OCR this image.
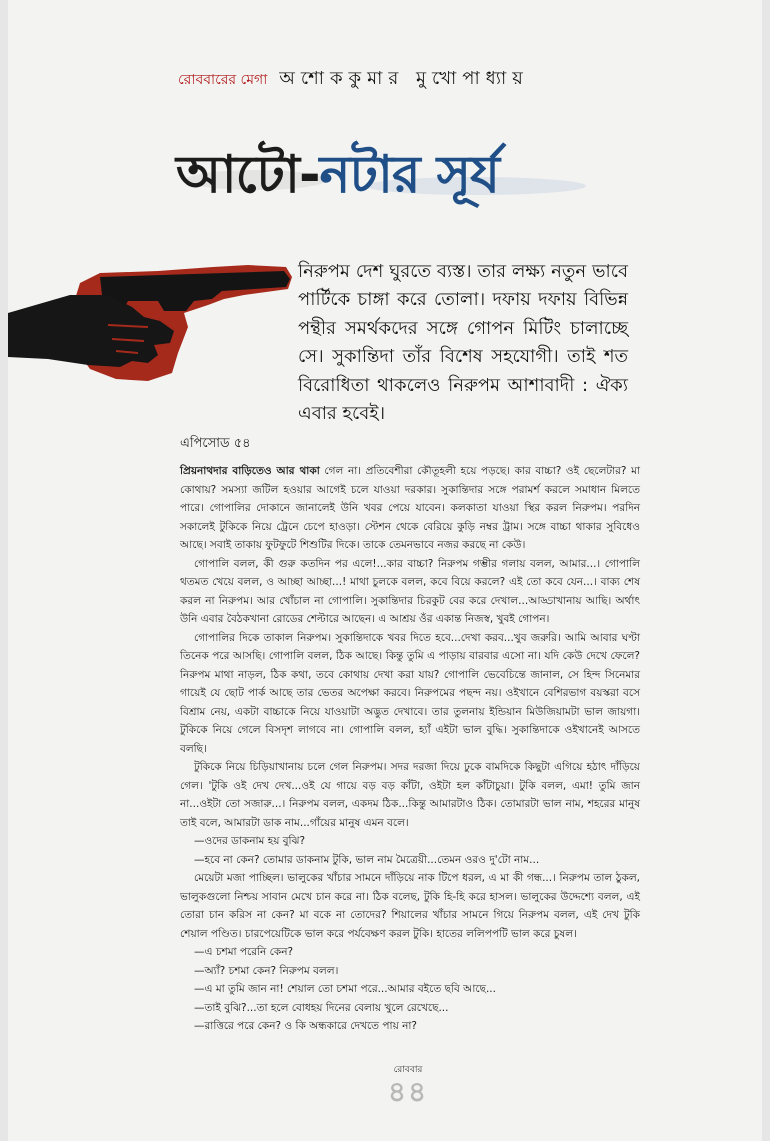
রোববারের মেগা অশোককুমার মুখোপাধ্যায়
আটো-নটার সূর্য
নিরুপম দেশ ঘুরতে ব্যস্ত। তার লক্ষ্য নতুন ভাবে পার্টিকে চাঙ্গা করে তোলা। দফায় দফায় বিভিন্ন পন্থীর সমর্থকদের সঙ্গে গোপন মিটিং চালাচ্ছে সে। সুকান্তিদা তাঁর বিশেষ সহযোগী। তাই শত বিরোধিতা থাকলেও নিরুপম আশাবাদী : ঐক্য এবার হবেই।
এপিসোড ৫৪

প্রিয়নাথদার বাড়িতেও আর থাকা গেল না। প্রতিবেশীরা কৌতূহলী হয়ে পড়ছে। কার বাচ্চা? ওই ছেলেটার? মা কোথায়? সমস্যা জটিল হওয়ার আগেই চলে যাওয়া দরকার। সুকান্তিদার সঙ্গে পরামর্শ করলে সমাধান মিলতে পারে। গোপালির দোকানে জানালেই উনি খবর পেয়ে যাবেন। কলকাতা যাওয়া স্থির করল নিরুপম। পরদিন সকালেই টুকিকে নিয়ে ট্রেনে চেপে হাওড়া। স্টেশন থেকে বেরিয়ে কুড়ি নম্বর ট্রাম। সঙ্গে বাচ্চা থাকার সুবিধেও আছে। সবাই তাকায় ফুটফুটে শিশুটির দিকে। তাকে তেমনভাবে নজর করছে না কেউ।

গোপালি বলল, কী গুরু কতদিন পর এলে!...কার বাচ্চা? নিরুপম গম্ভীর গলায় বলল, আমার...। গোপালি থতমত খেয়ে বলল, ও আচ্ছা আচ্ছা...! মাথা চুলকে বলল, কবে বিয়ে করলে? এই তো কবে যেন...। বাক্য শেষ করল না নিরুপম। আর খোঁচাল না গোপালি। সুকান্তিদার চিরকুট বের করে দেখাল...আড্ডাখানায় আছি। অর্থাৎ উনি এবার বৈঠকখানা রোডের শেল্টারে আছেন। এ আশ্রয় ওঁর একান্ত নিজস্ব, খুবই গোপন।

গোপালির দিকে তাকাল নিরুপম। সুকান্তিদাকে খবর দিতে হবে...দেখা করব...খুব জরুরি। আমি আবার ঘণ্টা তিনেক পরে আসছি। গোপালি বলল, ঠিক আছে। কিন্তু তুমি এ পাড়ায় বারবার এসো না। যদি কেউ দেখে ফেলে? নিরুপম মাথা নাড়ল, ঠিক কথা, তবে কোথায় দেখা করা যায়? গোপালি ভেবেচিন্তে জানাল, সে হিন্দ সিনেমার গায়েই যে ছোট পার্ক আছে তার ভেতর অপেক্ষা করবে। নিরুপমের পছন্দ নয়। ওইখানে বেশিরভাগ বয়স্করা বসে বিশ্রাম নেয়, একটা বাচ্চাকে নিয়ে যাওয়াটা অদ্ভুত দেখাবে। তার তুলনায় ইন্ডিয়ান মিউজিয়ামটা ভাল জায়গা। টুকিকে নিয়ে গেলে বিসদৃশ লাগবে না। গোপালি বলল, হ্যাঁ এইটা ভাল বুদ্ধি। সুকান্তিদাকে ওইখানেই আসতে বলছি।

টুকিকে নিয়ে চিড়িয়াখানায় চলে গেল নিরুপম। সদর দরজা দিয়ে ঢুকে বামদিকে কিছুটা এগিয়ে হঠাৎ দাঁড়িয়ে গেল। 'টুকি ওই দেখ দেখ...ওই যে গায়ে বড় বড় কাঁটা, ওইটা হল কাঁটাচুয়া। টুকি বলল, এমা! তুমি জান না...ওইটা তো সজারু...। নিরুপম বলল, একদম ঠিক...কিন্তু আমারটাও ঠিক। তোমারটা ভাল নাম, শহরের মানুষ তাই বলে, আমারটা ডাক নাম...গাঁয়ের মানুষ এমন বলে।

—ওদের ডাকনাম হয় বুঝি?

—হবে না কেন? তোমার ডাকনাম টুকি, ভাল নাম মৈত্রেয়ী...তেমন ওরও দু'টো নাম...

মেয়েটা মজা পাচ্ছিল। ভালুকের খাঁচার সামনে দাঁড়িয়ে নাক টিপে ধরল, এ মা কী গন্ধ...। নিরুপম তাল ঠুকল, ভালুকগুলো নিশ্চয় সাবান মেখে চান করে না। ঠিক বলেছ, টুকি হি-হি করে হাসল। ভালুকের উদ্দেশ্যে বলল, এই তোরা চান করিস না কেন? মা বকে না তোদের? শিয়ালের খাঁচার সামনে গিয়ে নিরুপম বলল, এই দেখ টুকি শেয়াল পণ্ডিত। চারপেয়েটিকে ভাল করে পর্যবেক্ষণ করল টুকি। হাতের ললিপপটি ভাল করে চুষল।

—এ চশমা পরেনি কেন?

—অ্যাঁ? চশমা কেন? নিরুপম বলল।

—এ মা তুমি জান না! শেয়াল তো চশমা পরে...আমার বইতে ছবি আছে...

—তাই বুঝি?...তা হলে বোধহয় দিনের বেলায় খুলে রেখেছে...

—রাত্তিরে পরে কেন? ও কি অন্ধকারে দেখতে পায় না?

রোববার
৪৪
